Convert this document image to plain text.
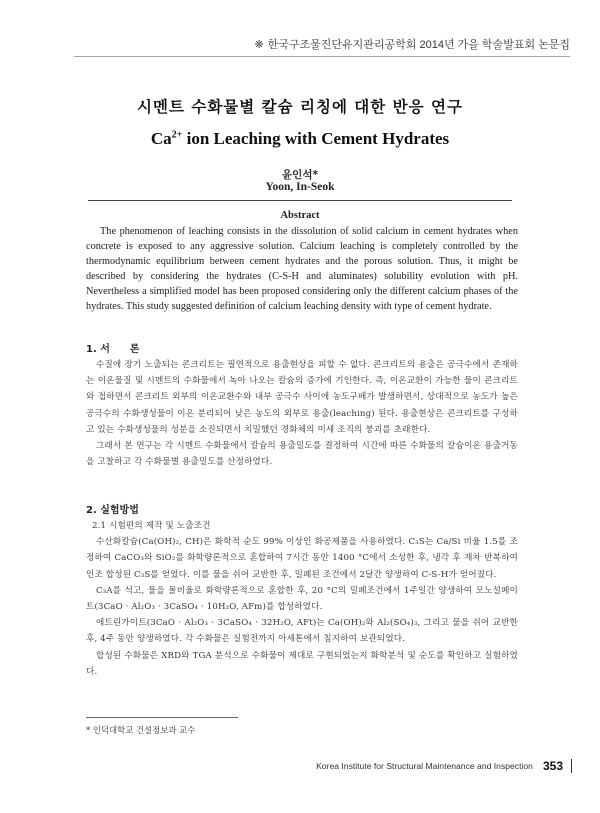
❋ 한국구조물진단유지관리공학회 2014년 가을 학술발표회 논문집
시멘트 수화물별 칼슘 리칭에 대한 반응 연구
$Ca^{2+}$ ion Leaching with Cement Hydrates
윤인석*
Yoon, In-Seok
Abstract

The phenomenon of leaching consists in the dissolution of solid calcium in cement hydrates when concrete is exposed to any aggressive solution. Calcium leaching is completely controlled by the thermodynamic equilibrium between cement hydrates and the porous solution. Thus, it might be described by considering the hydrates (C-S-H and aluminates) solubility evolution with pH. Nevertheless a simplified model has been proposed considering only the different calcium phases of the hydrates. This study suggested definition of calcium leaching density with type of cement hydrate.

1. 서　　론

수질에 장기 노출되는 콘크리트는 필연적으로 용출현상을 피할 수 없다. 콘크리트의 용출은 공극수에서 존재하는 이온물질 및 시멘트의 수화물에서 녹아 나오는 칼슘의 증가에 기인한다. 즉, 이온교환이 가능한 물이 콘크리트와 접하면서 콘크리트 외부의 이온교환수와 내부 공극수 사이에 농도구배가 발생하면서, 상대적으로 농도가 높은 공극수의 수화생성물이 이온 분리되어 낮은 농도의 외부로 용출(leaching) 된다. 용출현상은 콘크리트를 구성하고 있는 수화생성물의 성분을 소진되면서 치밀했던 경화체의 미세 조직의 붕괴를 초래한다.

그래서 본 연구는 각 시멘트 수화물에서 칼슘의 용출밀도를 결정하여 시간에 따른 수화물의 칼슘이온 용출거동을 고찰하고 각 수화물별 용출밀도를 산정하였다.

2. 실험방법

2.1 시험편의 제작 및 노출조건

수산화칼슘(Ca(OH)₂, CH)은 화학적 순도 99% 이상인 화공제품을 사용하였다. C₃S는 Ca/Si 비율 1.5를 조정하여 CaCO₃와 SiO₂를 화학량론적으로 혼합하여 7시간 동안 1400 °C에서 소성한 후, 냉각 후 재차 반복하여 인조 합성된 C₃S를 얻었다. 이를 물을 쉬어 교반한 후, 밀폐된 조건에서 2달간 양생하여 C-S-H가 얻어졌다.

C₃A를 석고, 물을 몰비율로 화학량론적으로 혼합한 후, 20 °C의 밀폐조건에서 1주일간 양생하여 모노설페이트(3CaO · Al₂O₃ · 3CaSO₄ · 10H₂O, AFm)를 합성하였다.

에트린가이트(3CaO · Al₂O₃ · 3CaSO₄ · 32H₂O, AFt)는 Ca(OH)₂와 Al₂(SO₄)₃, 그리고 물을 쉬어 교반한 후, 4주 동안 양생하였다. 각 수화물은 실험전까지 아세톤에서 침지하여 보관되었다.

합성된 수화물은 XRD와 TGA 분석으로 수화물이 제대로 구현되었는지 화학분석 및 순도를 확인하고 실험하였다.

* 인덕대학교 건설정보과 교수
Korea Institute for Structural Maintenance and Inspection 353
